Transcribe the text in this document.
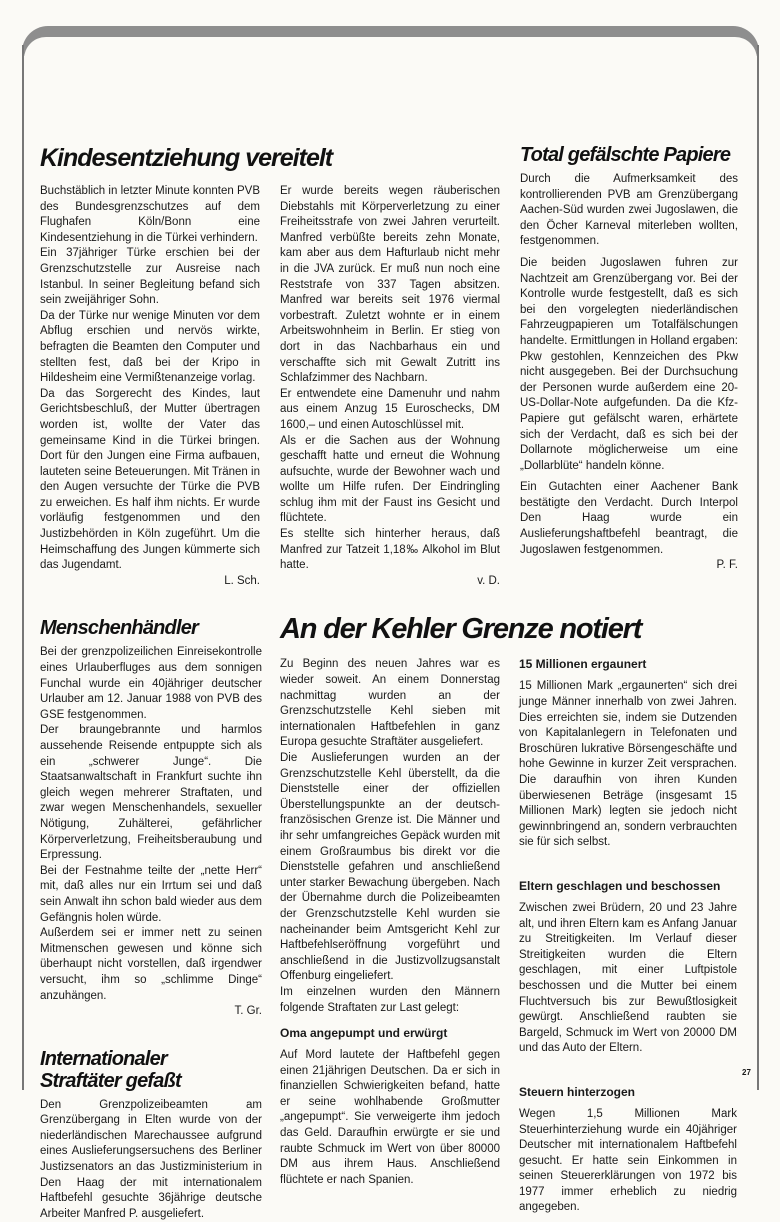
Kindesentziehung vereitelt

Buchstäblich in letzter Minute konnten PVB des Bundesgrenzschutzes auf dem Flughafen Köln/Bonn eine Kindesentziehung in die Türkei verhindern.

Ein 37jähriger Türke erschien bei der Grenzschutzstelle zur Ausreise nach Istanbul. In seiner Begleitung befand sich sein zweijähriger Sohn.

Da der Türke nur wenige Minuten vor dem Abflug erschien und nervös wirkte, befragten die Beamten den Computer und stellten fest, daß bei der Kripo in Hildesheim eine Vermißtenanzeige vorlag.

Da das Sorgerecht des Kindes, laut Gerichtsbeschluß, der Mutter übertragen worden ist, wollte der Vater das gemeinsame Kind in die Türkei bringen. Dort für den Jungen eine Firma aufbauen, lauteten seine Beteuerungen. Mit Tränen in den Augen versuchte der Türke die PVB zu erweichen. Es half ihm nichts. Er wurde vorläufig festgenommen und den Justizbehörden in Köln zugeführt. Um die Heimschaffung des Jungen kümmerte sich das Jugendamt.

L. Sch.

Er wurde bereits wegen räuberischen Diebstahls mit Körperverletzung zu einer Freiheitsstrafe von zwei Jahren verurteilt. Manfred verbüßte bereits zehn Monate, kam aber aus dem Hafturlaub nicht mehr in die JVA zurück. Er muß nun noch eine Reststrafe von 337 Tagen absitzen. Manfred war bereits seit 1976 viermal vorbestraft. Zuletzt wohnte er in einem Arbeitswohnheim in Berlin. Er stieg von dort in das Nachbarhaus ein und verschaffte sich mit Gewalt Zutritt ins Schlafzimmer des Nachbarn.

Er entwendete eine Damenuhr und nahm aus einem Anzug 15 Euroschecks, DM 1600,– und einen Autoschlüssel mit.

Als er die Sachen aus der Wohnung geschafft hatte und erneut die Wohnung aufsuchte, wurde der Bewohner wach und wollte um Hilfe rufen. Der Eindringling schlug ihm mit der Faust ins Gesicht und flüchtete.

Es stellte sich hinterher heraus, daß Manfred zur Tatzeit 1,18‰ Alkohol im Blut hatte.

v. D.

Total gefälschte Papiere

Durch die Aufmerksamkeit des kontrollierenden PVB am Grenzübergang Aachen-Süd wurden zwei Jugoslawen, die den Öcher Karneval miterleben wollten, festgenommen.

Die beiden Jugoslawen fuhren zur Nachtzeit am Grenzübergang vor. Bei der Kontrolle wurde festgestellt, daß es sich bei den vorgelegten niederländischen Fahrzeugpapieren um Totalfälschungen handelte. Ermittlungen in Holland ergaben: Pkw gestohlen, Kennzeichen des Pkw nicht ausgegeben. Bei der Durchsuchung der Personen wurde außerdem eine 20-US-Dollar-Note aufgefunden. Da die Kfz-Papiere gut gefälscht waren, erhärtete sich der Verdacht, daß es sich bei der Dollarnote möglicherweise um eine „Dollarblüte“ handeln könne.

Ein Gutachten einer Aachener Bank bestätigte den Verdacht. Durch Interpol Den Haag wurde ein Auslieferungshaftbefehl beantragt, die Jugoslawen festgenommen.

P. F.

Menschenhändler

Bei der grenzpolizeilichen Einreisekontrolle eines Urlauberfluges aus dem sonnigen Funchal wurde ein 40jähriger deutscher Urlauber am 12. Januar 1988 von PVB des GSE festgenommen.

Der braungebrannte und harmlos aussehende Reisende entpuppte sich als ein „schwerer Junge“. Die Staatsanwaltschaft in Frankfurt suchte ihn gleich wegen mehrerer Straftaten, und zwar wegen Menschenhandels, sexueller Nötigung, Zuhälterei, gefährlicher Körperverletzung, Freiheitsberaubung und Erpressung.

Bei der Festnahme teilte der „nette Herr“ mit, daß alles nur ein Irrtum sei und daß sein Anwalt ihn schon bald wieder aus dem Gefängnis holen würde.

Außerdem sei er immer nett zu seinen Mitmenschen gewesen und könne sich überhaupt nicht vorstellen, daß irgendwer versucht, ihm so „schlimme Dinge“ anzuhängen.

T. Gr.

Internationaler
Straftäter gefaßt

Den Grenzpolizeibeamten am Grenzübergang in Elten wurde von der niederländischen Marechaussee aufgrund eines Auslieferungsersuchens des Berliner Justizsenators an das Justizministerium in Den Haag der mit internationalem Haftbefehl gesuchte 36jährige deutsche Arbeiter Manfred P. ausgeliefert.

An der Kehler Grenze notiert

Zu Beginn des neuen Jahres war es wieder soweit. An einem Donnerstag nachmittag wurden an der Grenzschutzstelle Kehl sieben mit internationalen Haftbefehlen in ganz Europa gesuchte Straftäter ausgeliefert.

Die Auslieferungen wurden an der Grenzschutzstelle Kehl überstellt, da die Dienststelle einer der offiziellen Überstellungspunkte an der deutsch-französischen Grenze ist. Die Männer und ihr sehr umfangreiches Gepäck wurden mit einem Großraumbus bis direkt vor die Dienststelle gefahren und anschließend unter starker Bewachung übergeben. Nach der Übernahme durch die Polizeibeamten der Grenzschutzstelle Kehl wurden sie nacheinander beim Amtsgericht Kehl zur Haftbefehlseröffnung vorgeführt und anschließend in die Justizvollzugsanstalt Offenburg eingeliefert.

Im einzelnen wurden den Männern folgende Straftaten zur Last gelegt:

Oma angepumpt und erwürgt

Auf Mord lautete der Haftbefehl gegen einen 21jährigen Deutschen. Da er sich in finanziellen Schwierigkeiten befand, hatte er seine wohlhabende Großmutter „angepumpt“. Sie verweigerte ihm jedoch das Geld. Daraufhin erwürgte er sie und raubte Schmuck im Wert von über 80000 DM aus ihrem Haus. Anschließend flüchtete er nach Spanien.

15 Millionen ergaunert

15 Millionen Mark „ergaunerten“ sich drei junge Männer innerhalb von zwei Jahren. Dies erreichten sie, indem sie Dutzenden von Kapitalanlegern in Telefonaten und Broschüren lukrative Börsengeschäfte und hohe Gewinne in kurzer Zeit versprachen. Die daraufhin von ihren Kunden überwiesenen Beträge (insgesamt 15 Millionen Mark) legten sie jedoch nicht gewinnbringend an, sondern verbrauchten sie für sich selbst.

Eltern geschlagen und beschossen

Zwischen zwei Brüdern, 20 und 23 Jahre alt, und ihren Eltern kam es Anfang Januar zu Streitigkeiten. Im Verlauf dieser Streitigkeiten wurden die Eltern geschlagen, mit einer Luftpistole beschossen und die Mutter bei einem Fluchtversuch bis zur Bewußtlosigkeit gewürgt. Anschließend raubten sie Bargeld, Schmuck im Wert von 20000 DM und das Auto der Eltern.

Steuern hinterzogen

Wegen 1,5 Millionen Mark Steuerhinterziehung wurde ein 40jähriger Deutscher mit internationalem Haftbefehl gesucht. Er hatte sein Einkommen in seinen Steuererklärungen von 1972 bis 1977 immer erheblich zu niedrig angegeben.

27
